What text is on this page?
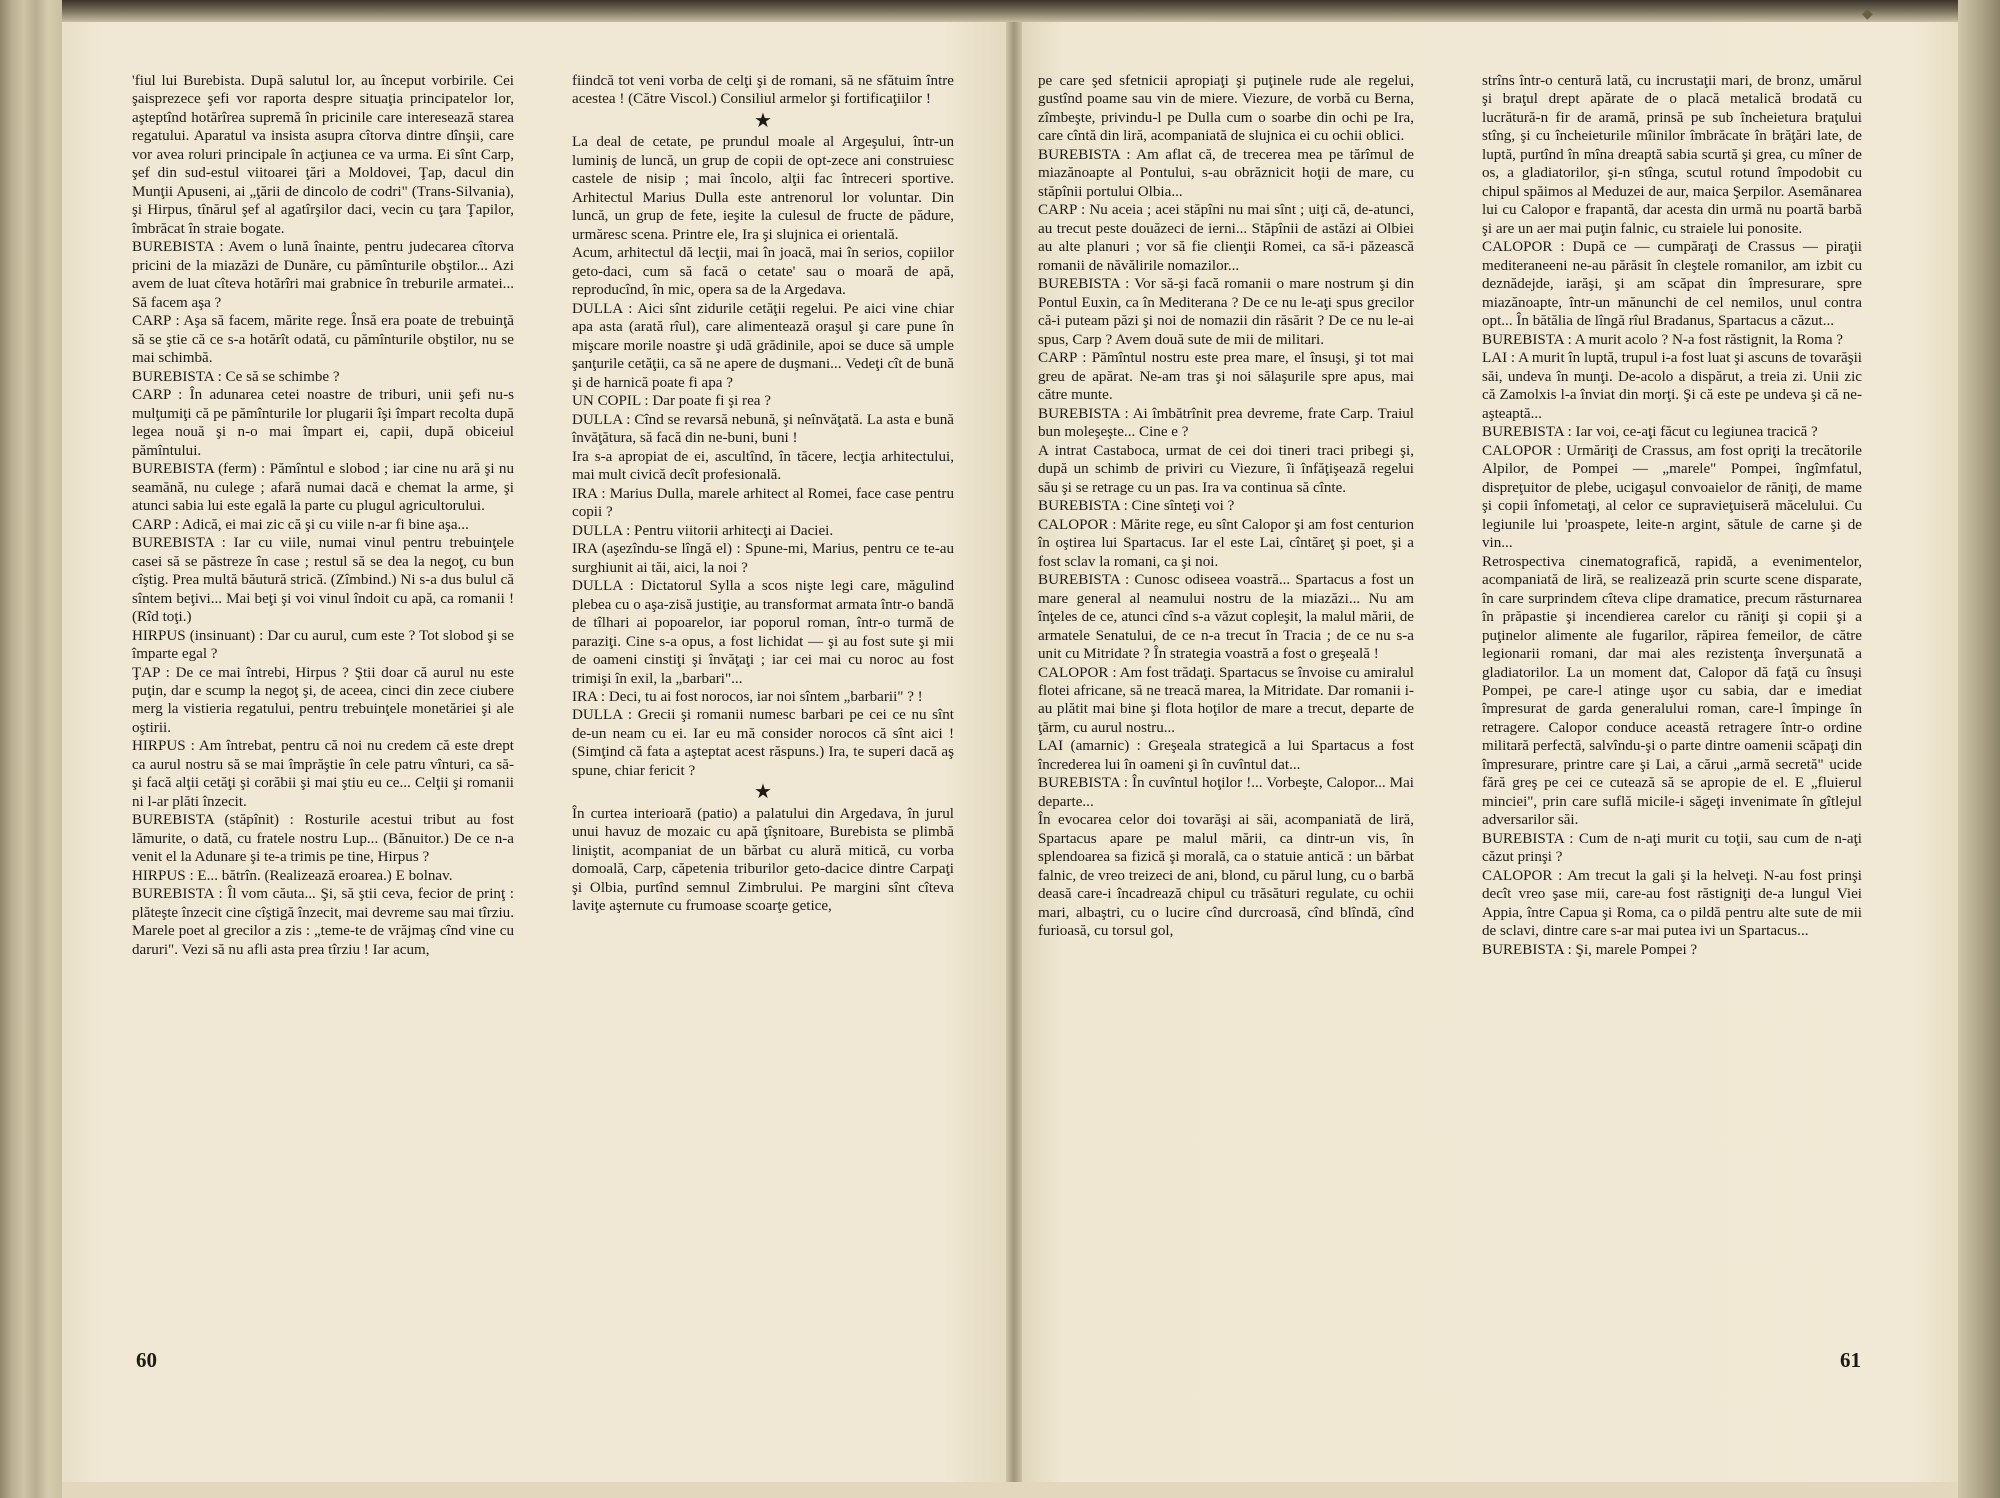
◆

'fiul lui Burebista. După salutul lor, au început vorbirile. Cei şaisprezece şefi vor raporta despre situaţia principatelor lor, aşteptînd hotărîrea supremă în pricinile care interesează starea regatului. Aparatul va insista asupra cîtorva dintre dînşii, care vor avea roluri principale în acţiunea ce va urma. Ei sînt Carp, şef din sud-estul viitoarei ţări a Moldovei, Ţap, dacul din Munţii Apuseni, ai „ţării de dincolo de codri" (Trans-Silvania), şi Hirpus, tînărul şef al agatîrşilor daci, vecin cu ţara Ţapilor, îmbrăcat în straie bogate.

BUREBISTA : Avem o lună înainte, pentru judecarea cîtorva pricini de la miazăzi de Dunăre, cu pămînturile obştilor... Azi avem de luat cîteva hotărîri mai grabnice în treburile armatei... Să facem aşa ?

CARP : Aşa să facem, mărite rege. Însă era poate de trebuinţă să se ştie că ce s-a hotărît odată, cu pămînturile obştilor, nu se mai schimbă.

BUREBISTA : Ce să se schimbe ?

CARP : În adunarea cetei noastre de triburi, unii şefi nu-s mulţumiţi că pe pămînturile lor plugarii îşi împart recolta după legea nouă şi n-o mai împart ei, capii, după obiceiul pămîntului.

BUREBISTA (ferm) : Pămîntul e slobod ; iar cine nu ară şi nu seamănă, nu culege ; afară numai dacă e chemat la arme, şi atunci sabia lui este egală la parte cu plugul agricultorului.

CARP : Adică, ei mai zic că şi cu viile n-ar fi bine aşa...

BUREBISTA : Iar cu viile, numai vinul pentru trebuinţele casei să se păstreze în case ; restul să se dea la negoţ, cu bun cîştig. Prea multă băutură strică. (Zîmbind.) Ni s-a dus bulul că sîntem beţivi... Mai beţi şi voi vinul îndoit cu apă, ca romanii ! (Rîd toţi.)

HIRPUS (insinuant) : Dar cu aurul, cum este ? Tot slobod şi se împarte egal ?

ŢAP : De ce mai întrebi, Hirpus ? Ştii doar că aurul nu este puţin, dar e scump la negoţ şi, de aceea, cinci din zece ciubere merg la vistieria regatului, pentru trebuinţele monetăriei şi ale oştirii.

HIRPUS : Am întrebat, pentru că noi nu credem că este drept ca aurul nostru să se mai împrăştie în cele patru vînturi, ca să-şi facă alţii cetăţi şi corăbii şi mai ştiu eu ce... Celţii şi romanii ni l-ar plăti înzecit.

BUREBISTA (stăpînit) : Rosturile acestui tribut au fost lămurite, o dată, cu fratele nostru Lup... (Bănuitor.) De ce n-a venit el la Adunare şi te-a trimis pe tine, Hirpus ?

HIRPUS : E... bătrîn. (Realizează eroarea.) E bolnav.

BUREBISTA : Îl vom căuta... Şi, să ştii ceva, fecior de prinţ : plăteşte înzecit cine cîştigă înzecit, mai devreme sau mai tîrziu. Marele poet al grecilor a zis : „teme-te de vrăjmaş cînd vine cu daruri". Vezi să nu afli asta prea tîrziu ! Iar acum,

fiindcă tot veni vorba de celţi şi de romani, să ne sfătuim între acestea ! (Către Viscol.) Consiliul armelor şi fortificaţiilor !

★

La deal de cetate, pe prundul moale al Argeşului, într-un luminiş de luncă, un grup de copii de opt-zece ani construiesc castele de nisip ; mai încolo, alţii fac întreceri sportive. Arhitectul Marius Dulla este antrenorul lor voluntar. Din luncă, un grup de fete, ieşite la culesul de fructe de pădure, urmăresc scena. Printre ele, Ira şi slujnica ei orientală.

Acum, arhitectul dă lecţii, mai în joacă, mai în serios, copiilor geto-daci, cum să facă o cetate' sau o moară de apă, reproducînd, în mic, opera sa de la Argedava.

DULLA : Aici sînt zidurile cetăţii regelui. Pe aici vine chiar apa asta (arată rîul), care alimentează oraşul şi care pune în mişcare morile noastre şi udă grădinile, apoi se duce să umple şanţurile cetăţii, ca să ne apere de duşmani... Vedeţi cît de bună şi de harnică poate fi apa ?

UN COPIL : Dar poate fi şi rea ?

DULLA : Cînd se revarsă nebună, şi neînvăţată. La asta e bună învăţătura, să facă din ne-buni, buni !

Ira s-a apropiat de ei, ascultînd, în tăcere, lecţia arhitectului, mai mult civică decît profesională.

IRA : Marius Dulla, marele arhitect al Romei, face case pentru copii ?

DULLA : Pentru viitorii arhitecţi ai Daciei.

IRA (aşezîndu-se lîngă el) : Spune-mi, Marius, pentru ce te-au surghiunit ai tăi, aici, la noi ?

DULLA : Dictatorul Sylla a scos nişte legi care, măgulind plebea cu o aşa-zisă justiţie, au transformat armata într-o bandă de tîlhari ai popoarelor, iar poporul roman, într-o turmă de paraziţi. Cine s-a opus, a fost lichidat — şi au fost sute şi mii de oameni cinstiţi şi învăţaţi ; iar cei mai cu noroc au fost trimişi în exil, la „barbari"...

IRA : Deci, tu ai fost norocos, iar noi sîntem „barbarii" ? !

DULLA : Grecii şi romanii numesc barbari pe cei ce nu sînt de-un neam cu ei. Iar eu mă consider norocos că sînt aici ! (Simţind că fata a aşteptat acest răspuns.) Ira, te superi dacă aş spune, chiar fericit ?

★

În curtea interioară (patio) a palatului din Argedava, în jurul unui havuz de mozaic cu apă ţîşnitoare, Burebista se plimbă liniştit, acompaniat de un bărbat cu alură mitică, cu vorba domoală, Carp, căpetenia triburilor geto-dacice dintre Carpaţi şi Olbia, purtînd semnul Zimbrului. Pe margini sînt cîteva laviţe aşternute cu frumoase scoarţe getice,

pe care şed sfetnicii apropiaţi şi puţinele rude ale regelui, gustînd poame sau vin de miere. Viezure, de vorbă cu Berna, zîmbeşte, privindu-l pe Dulla cum o soarbe din ochi pe Ira, care cîntă din liră, acompaniată de slujnica ei cu ochii oblici.

BUREBISTA : Am aflat că, de trecerea mea pe tărîmul de miazănoapte al Pontului, s-au obrăznicit hoţii de mare, cu stăpînii portului Olbia...

CARP : Nu aceia ; acei stăpîni nu mai sînt ; uiţi că, de-atunci, au trecut peste douăzeci de ierni... Stăpînii de astăzi ai Olbiei au alte planuri ; vor să fie clienţii Romei, ca să-i păzească romanii de năvălirile nomazilor...

BUREBISTA : Vor să-şi facă romanii o mare nostrum şi din Pontul Euxin, ca în Mediterana ? De ce nu le-aţi spus grecilor că-i puteam păzi şi noi de nomazii din răsărit ? De ce nu le-ai spus, Carp ? Avem două sute de mii de militari.

CARP : Pămîntul nostru este prea mare, el însuşi, şi tot mai greu de apărat. Ne-am tras şi noi sălaşurile spre apus, mai către munte.

BUREBISTA : Ai îmbătrînit prea devreme, frate Carp. Traiul bun moleşeşte... Cine e ?

A intrat Castaboca, urmat de cei doi tineri traci pribegi şi, după un schimb de priviri cu Viezure, îi înfăţişează regelui său şi se retrage cu un pas. Ira va continua să cînte.

BUREBISTA : Cine sînteţi voi ?

CALOPOR : Mărite rege, eu sînt Calopor şi am fost centurion în oştirea lui Spartacus. Iar el este Lai, cîntăreţ şi poet, şi a fost sclav la romani, ca şi noi.

BUREBISTA : Cunosc odiseea voastră... Spartacus a fost un mare general al neamului nostru de la miazăzi... Nu am înţeles de ce, atunci cînd s-a văzut copleşit, la malul mării, de armatele Senatului, de ce n-a trecut în Tracia ; de ce nu s-a unit cu Mitridate ? În strategia voastră a fost o greşeală !

CALOPOR : Am fost trădaţi. Spartacus se învoise cu amiralul flotei africane, să ne treacă marea, la Mitridate. Dar romanii i-au plătit mai bine şi flota hoţilor de mare a trecut, departe de ţărm, cu aurul nostru...

LAI (amarnic) : Greşeala strategică a lui Spartacus a fost încrederea lui în oameni şi în cuvîntul dat...

BUREBISTA : În cuvîntul hoţilor !... Vorbeşte, Calopor... Mai departe...

În evocarea celor doi tovarăşi ai săi, acompaniată de liră, Spartacus apare pe malul mării, ca dintr-un vis, în splendoarea sa fizică şi morală, ca o statuie antică : un bărbat falnic, de vreo treizeci de ani, blond, cu părul lung, cu o barbă deasă care-i încadrează chipul cu trăsături regulate, cu ochii mari, albaştri, cu o lucire cînd durcroasă, cînd blîndă, cînd furioasă, cu torsul gol,

strîns într-o centură lată, cu incrustaţii mari, de bronz, umărul şi braţul drept apărate de o placă metalică brodată cu lucrătură-n fir de aramă, prinsă pe sub încheietura braţului stîng, şi cu încheieturile mîinilor îmbrăcate în brăţări late, de luptă, purtînd în mîna dreaptă sabia scurtă şi grea, cu mîner de os, a gladiatorilor, şi-n stînga, scutul rotund împodobit cu chipul spăimos al Meduzei de aur, maica Şerpilor. Asemănarea lui cu Calopor e frapantă, dar acesta din urmă nu poartă barbă şi are un aer mai puţin falnic, cu straiele lui ponosite.

CALOPOR : După ce — cumpăraţi de Crassus — piraţii mediteraneeni ne-au părăsit în cleştele romanilor, am izbit cu deznădejde, iarăşi, şi am scăpat din împresurare, spre miazănoapte, într-un mănunchi de cel nemilos, unul contra opt... În bătălia de lîngă rîul Bradanus, Spartacus a căzut...

BUREBISTA : A murit acolo ? N-a fost răstignit, la Roma ?

LAI : A murit în luptă, trupul i-a fost luat şi ascuns de tovarăşii săi, undeva în munţi. De-acolo a dispărut, a treia zi. Unii zic că Zamolxis l-a înviat din morţi. Şi că este pe undeva şi că ne-aşteaptă...

BUREBISTA : Iar voi, ce-aţi făcut cu legiunea tracică ?

CALOPOR : Urmăriţi de Crassus, am fost opriţi la trecătorile Alpilor, de Pompei — „marele" Pompei, îngîmfatul, dispreţuitor de plebe, ucigaşul convoaielor de răniţi, de mame şi copii înfometaţi, al celor ce supravieţuiseră măcelului. Cu legiunile lui 'proaspete, leite-n argint, sătule de carne şi de vin...

Retrospectiva cinematografică, rapidă, a evenimentelor, acompaniată de liră, se realizează prin scurte scene disparate, în care surprindem cîteva clipe dramatice, precum răsturnarea în prăpastie şi incendierea carelor cu răniţi şi copii şi a puţinelor alimente ale fugarilor, răpirea femeilor, de către legionarii romani, dar mai ales rezistenţa înverşunată a gladiatorilor. La un moment dat, Calopor dă faţă cu însuşi Pompei, pe care-l atinge uşor cu sabia, dar e imediat împresurat de garda generalului roman, care-l împinge în retragere. Calopor conduce această retragere într-o ordine militară perfectă, salvîndu-şi o parte dintre oamenii scăpaţi din împresurare, printre care şi Lai, a cărui „armă secretă" ucide fără greş pe cei ce cutează să se apropie de el. E „fluierul minciei", prin care suflă micile-i săgeţi invenimate în gîtlejul adversarilor săi.

BUREBISTA : Cum de n-aţi murit cu toţii, sau cum de n-aţi căzut prinşi ?

CALOPOR : Am trecut la gali şi la helveţi. N-au fost prinşi decît vreo şase mii, care-au fost răstigniţi de-a lungul Viei Appia, între Capua şi Roma, ca o pildă pentru alte sute de mii de sclavi, dintre care s-ar mai putea ivi un Spartacus...

BUREBISTA : Şi, marele Pompei ?

60	61
